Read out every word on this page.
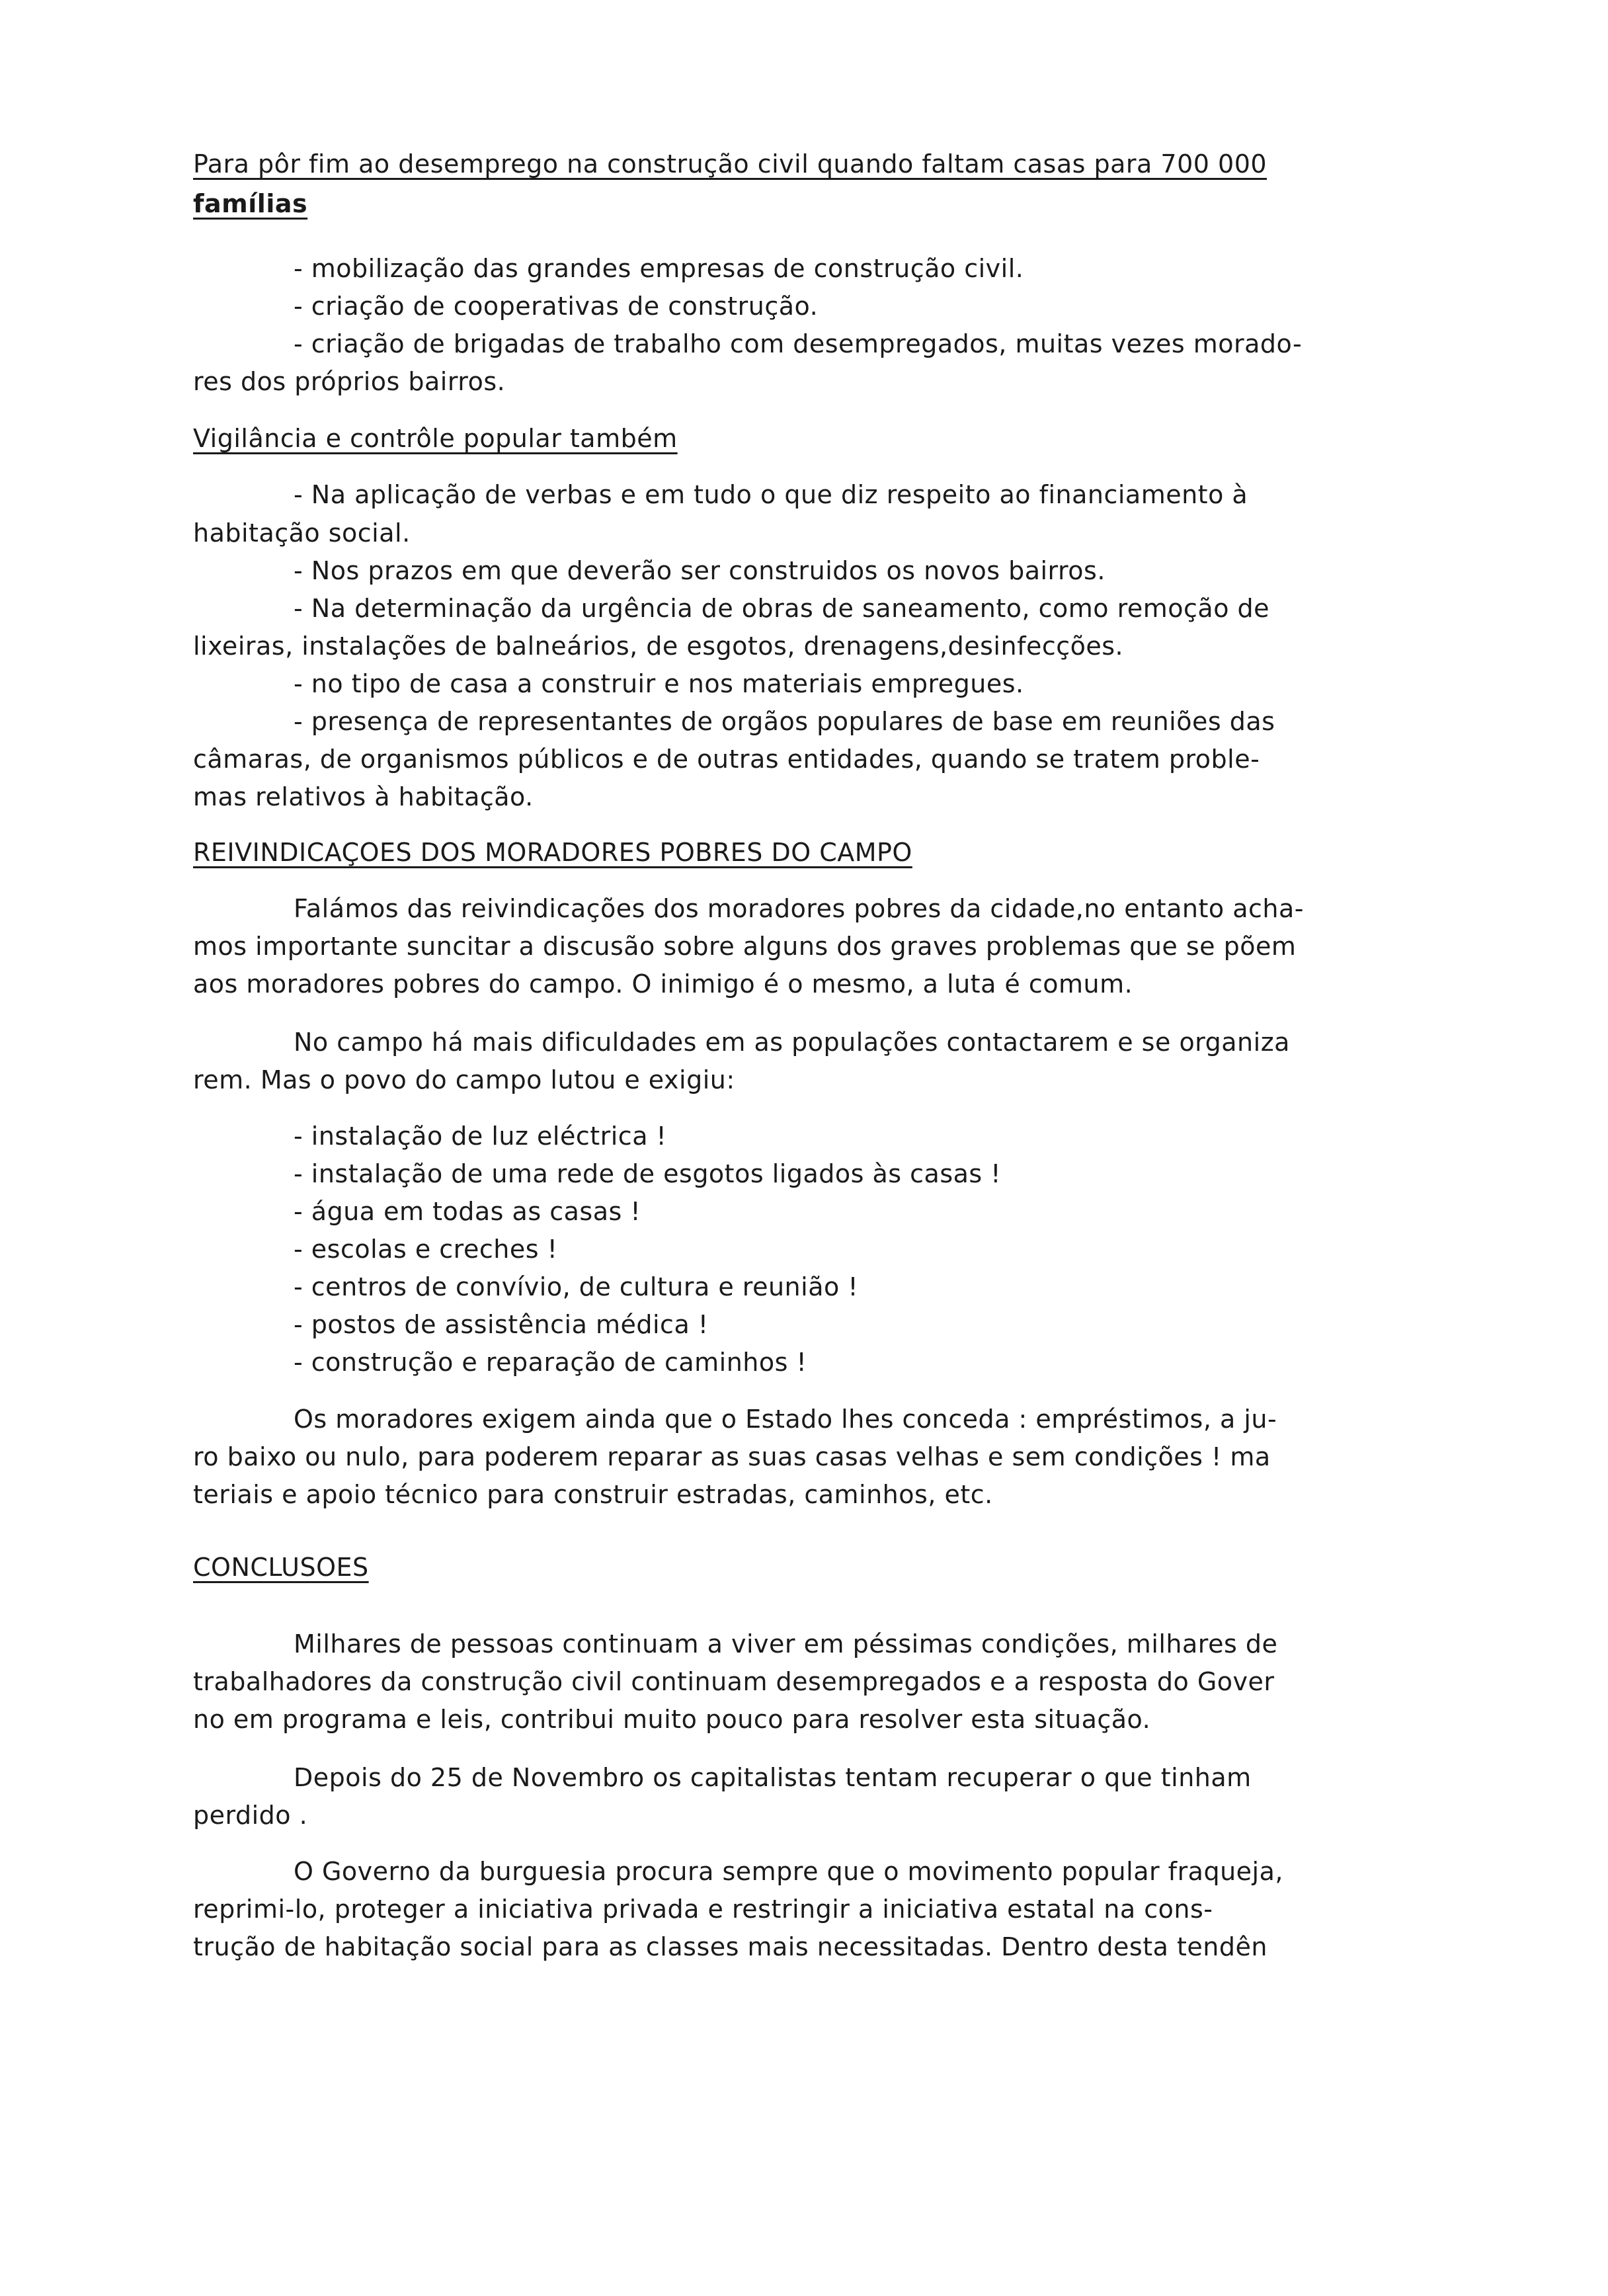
Para pôr fim ao desemprego na construção civil quando faltam casas para 700 000
famílias
- mobilização das grandes empresas de construção civil.
- criação de cooperativas de construção.
- criação de brigadas de trabalho com desempregados, muitas vezes morado-
res dos próprios bairros.
Vigilância e contrôle popular também
- Na aplicação de verbas e em tudo o que diz respeito ao financiamento à
habitação social.
- Nos prazos em que deverão ser construidos os novos bairros.
- Na determinação da urgência de obras de saneamento, como remoção de
lixeiras, instalações de balneários, de esgotos, drenagens,desinfecções.
- no tipo de casa a construir e nos materiais empregues.
- presença de representantes de orgãos populares de base em reuniões das
câmaras, de organismos públicos e de outras entidades, quando se tratem proble-
mas relativos à habitação.
REIVINDICAÇOES DOS MORADORES POBRES DO CAMPO
Falámos das reivindicações dos moradores pobres da cidade,no entanto acha-
mos importante suncitar a discusão sobre alguns dos graves problemas que se põem
aos moradores pobres do campo. O inimigo é o mesmo, a luta é comum.
No campo há mais dificuldades em as populações contactarem e se organiza
rem. Mas o povo do campo lutou e exigiu:
- instalação de luz eléctrica !
- instalação de uma rede de esgotos ligados às casas !
- água em todas as casas !
- escolas e creches !
- centros de convívio, de cultura e reunião !
- postos de assistência médica !
- construção e reparação de caminhos !
Os moradores exigem ainda que o Estado lhes conceda : empréstimos, a ju-
ro baixo ou nulo, para poderem reparar as suas casas velhas e sem condições ! ma
teriais e apoio técnico para construir estradas, caminhos, etc.
CONCLUSOES
Milhares de pessoas continuam a viver em péssimas condições, milhares de
trabalhadores da construção civil continuam desempregados e a resposta do Gover
no em programa e leis, contribui muito pouco para resolver esta situação.
Depois do 25 de Novembro os capitalistas tentam recuperar o que tinham
perdido .
O Governo da burguesia procura sempre que o movimento popular fraqueja,
reprimi-lo, proteger a iniciativa privada e restringir a iniciativa estatal na cons-
trução de habitação social para as classes mais necessitadas. Dentro desta tendên
